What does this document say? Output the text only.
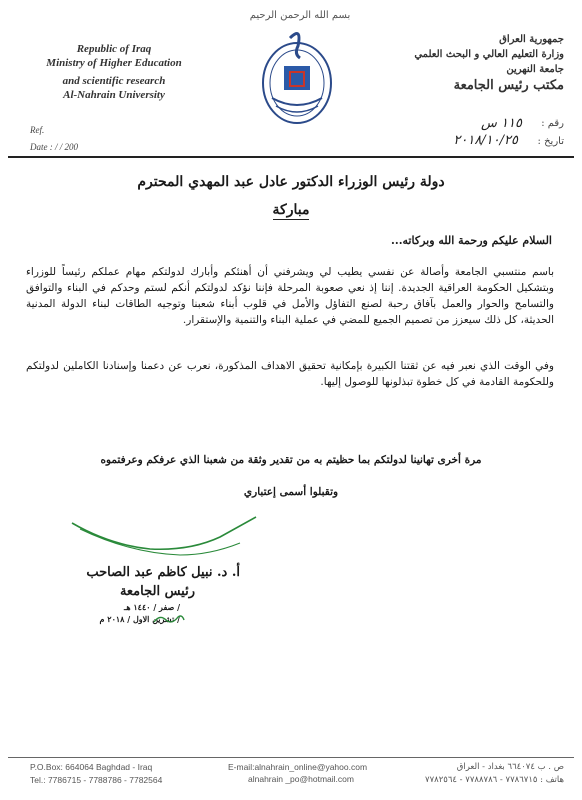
Republic of Iraq
Ministry of Higher Education
and scientific research
Al-Nahrain University
Ref.
Date : / / 200
بسم الله الرحمن الرحيم
جمهورية العراق
وزارة التعليم العالي و البحث العلمي
جامعة النهرين
مكتب رئيس الجامعة
رقم :
١١٥ س
تاريخ :
٢٠١٨/١٠/٢٥
دولة رئيس الوزراء الدكتور عادل عبد المهدي المحترم
مباركة
السلام عليكم ورحمة الله وبركاته...
باسم منتسبي الجامعة وأصالة عن نفسي يطيب لي ويشرفني أن أهنئكم وأبارك لدولتكم مهام عملكم رئيساً للوزراء وبتشكيل الحكومة العراقية الجديدة. إننا إذ نعي صعوبة المرحلة فإننا نؤكد لدولتكم أنكم لستم وحدكم في البناء والتوافق والتسامح والحوار والعمل بآفاق رحبة لصنع التفاؤل والأمل في قلوب أبناء شعبنا وتوجيه الطاقات لبناء الدولة المدنية الحديثة، كل ذلك سيعزز من تصميم الجميع للمضي في عملية البناء والتنمية والإستقرار.
وفي الوقت الذي نعبر فيه عن ثقتنا الكبيرة بإمكانية تحقيق الاهداف المذكورة، نعرب عن دعمنا وإسنادنا الكاملين لدولتكم وللحكومة القادمة في كل خطوة تبذلونها للوصول إليها.
مرة أخرى تهانينا لدولتكم بما حظيتم به من تقدير وثقة من شعبنا الذي عرفكم وعرفتموه
وتقبلوا أسمى إعتباري
أ. د. نبيل كاظم عبد الصاحب
رئيس الجامعة
/ صفر / ١٤٤٠ هـ
/ تشرين الاول / ٢٠١٨ م
P.O.Box: 664064 Baghdad - Iraq
Tel.: 7786715 - 7788786 - 7782564
E-mail:alnahrain_online@yahoo.com
alnahrain _po@hotmail.com
ص . ب ٦٦٤٠٧٤ بغداد - العراق
هاتف : ٧٧٨٦٧١٥ - ٧٧٨٨٧٨٦ - ٧٧٨٢٥٦٤
